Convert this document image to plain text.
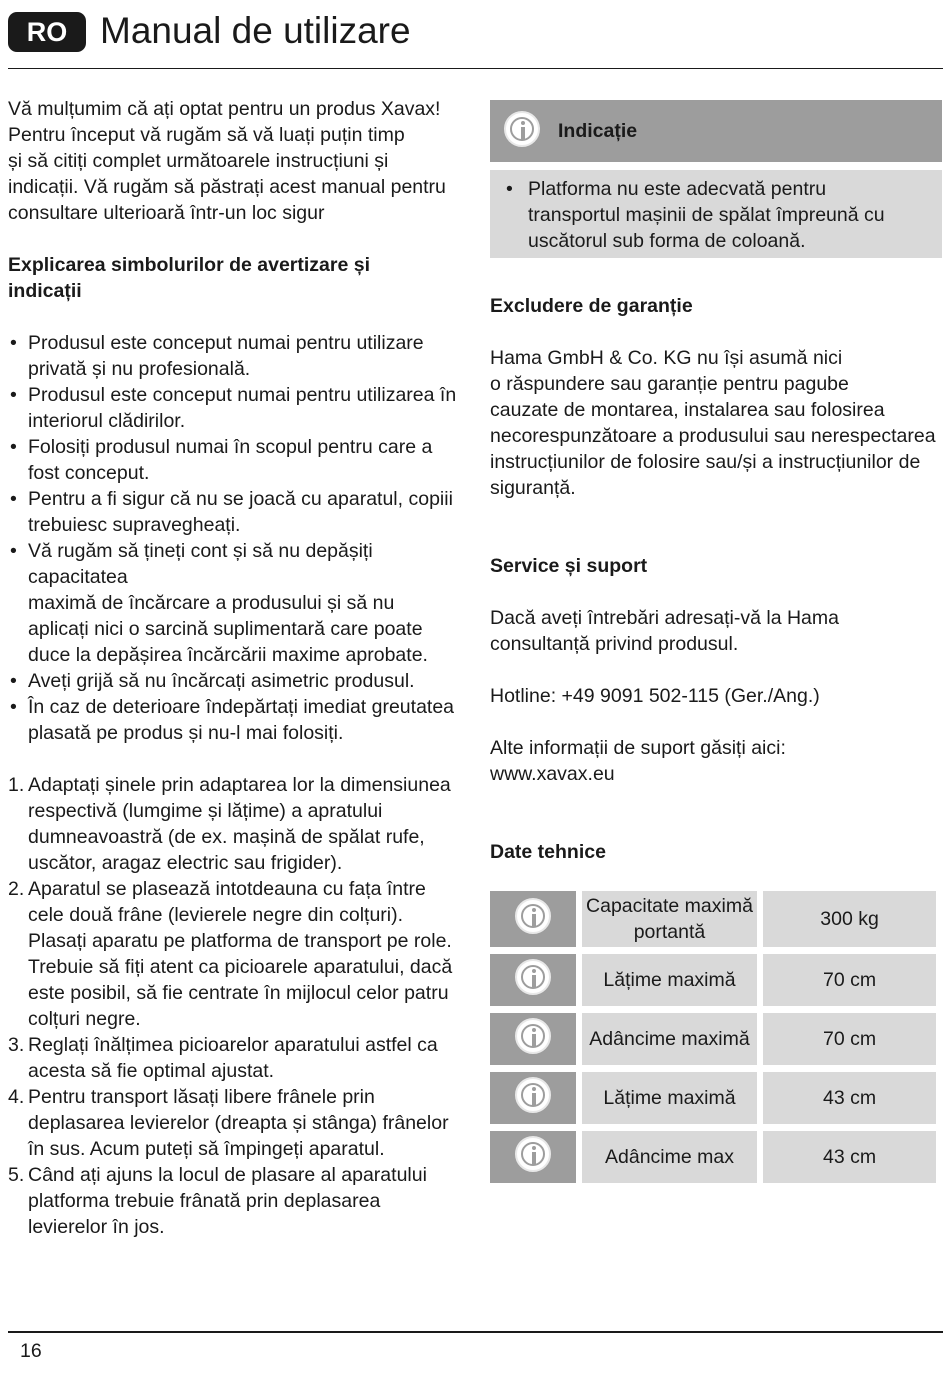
RO Manual de utilizare

Vă mulțumim că ați optat pentru un produs Xavax!
Pentru început vă rugăm să vă luați puțin timp
și să citiți complet următoarele instrucțiuni și
indicații. Vă rugăm să păstrați acest manual pentru
consultare ulterioară într-un loc sigur

Explicarea simbolurilor de avertizare și
indicații
• Produsul este conceput numai pentru utilizare
privată și nu profesională.
• Produsul este conceput numai pentru utilizarea în
interiorul clădirilor.
• Folosiți produsul numai în scopul pentru care a
fost conceput.
• Pentru a fi sigur că nu se joacă cu aparatul, copiii
trebuiesc supravegheați.
• Vă rugăm să țineți cont și să nu depășiți capacitatea
maximă de încărcare a produsului și să nu
aplicați nici o sarcină suplimentară care poate
duce la depășirea încărcării maxime aprobate.
• Aveți grijă să nu încărcați asimetric produsul.
• În caz de deterioare îndepărtați imediat greutatea
plasată pe produs și nu-l mai folosiți.
1. Adaptați șinele prin adaptarea lor la dimensiunea
respectivă (lumgime și lățime) a apratului
dumneavoastră (de ex. mașină de spălat rufe,
uscător, aragaz electric sau frigider).
2. Aparatul se plasează intotdeauna cu fața între
cele două frâne (levierele negre din colțuri).
Plasați aparatu pe platforma de transport pe role.
Trebuie să fiți atent ca picioarele aparatului, dacă
este posibil, să fie centrate în mijlocul celor patru
colțuri negre.
3. Reglați înălțimea picioarelor aparatului astfel ca
acesta să fie optimal ajustat.
4. Pentru transport lăsați libere frânele prin
deplasarea levierelor (dreapta și stânga) frânelor
în sus. Acum puteți să împingeți aparatul.
5. Când ați ajuns la locul de plasare al aparatului
platforma trebuie frânată prin deplasarea
levierelor în jos.
Indicație
• Platforma nu este adecvată pentru
transportul mașinii de spălat împreună cu
uscătorul sub forma de coloană.
Excludere de garanție

Hama GmbH & Co. KG nu își asumă nici
o răspundere sau garanție pentru pagube
cauzate de montarea, instalarea sau folosirea
necorespunzătoare a produsului sau nerespectarea
instrucțiunilor de folosire sau/și a instrucțiunilor de
siguranță.

Service și suport

Dacă aveți întrebări adresați-vă la Hama
consultanță privind produsul.

Hotline: +49 9091 502-115 (Ger./Ang.)

Alte informații de suport găsiți aici:
www.xavax.eu

Date tehnice
	Capacitate maximă
portantă	300 kg

	Lățime maximă	70 cm

	Adâncime maximă	70 cm

	Lățime maximă	43 cm

	Adâncime max	43 cm
16
